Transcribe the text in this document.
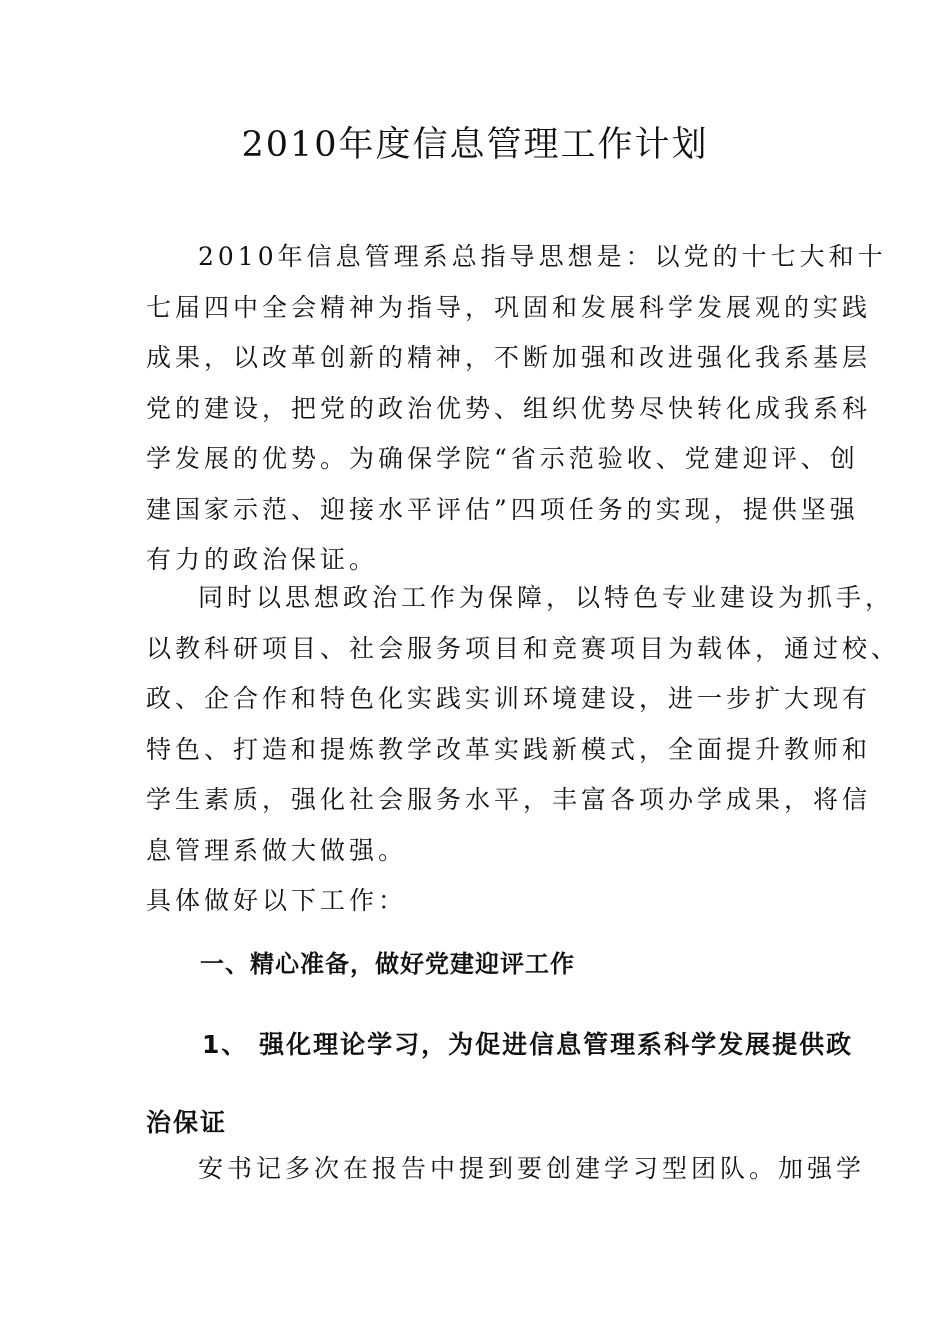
2010年度信息管理工作计划
2010年信息管理系总指导思想是：以党的十七大和十
七届四中全会精神为指导，巩固和发展科学发展观的实践
成果，以改革创新的精神，不断加强和改进强化我系基层
党的建设，把党的政治优势、组织优势尽快转化成我系科
学发展的优势。为确保学院“省示范验收、党建迎评、创
建国家示范、迎接水平评估”四项任务的实现，提供坚强
有力的政治保证。
同时以思想政治工作为保障，以特色专业建设为抓手，
以教科研项目、社会服务项目和竞赛项目为载体，通过校、
政、企合作和特色化实践实训环境建设，进一步扩大现有
特色、打造和提炼教学改革实践新模式，全面提升教师和
学生素质，强化社会服务水平，丰富各项办学成果，将信
息管理系做大做强。
具体做好以下工作：
一、精心准备，做好党建迎评工作
1、 强化理论学习，为促进信息管理系科学发展提供政
治保证
安书记多次在报告中提到要创建学习型团队。加强学
